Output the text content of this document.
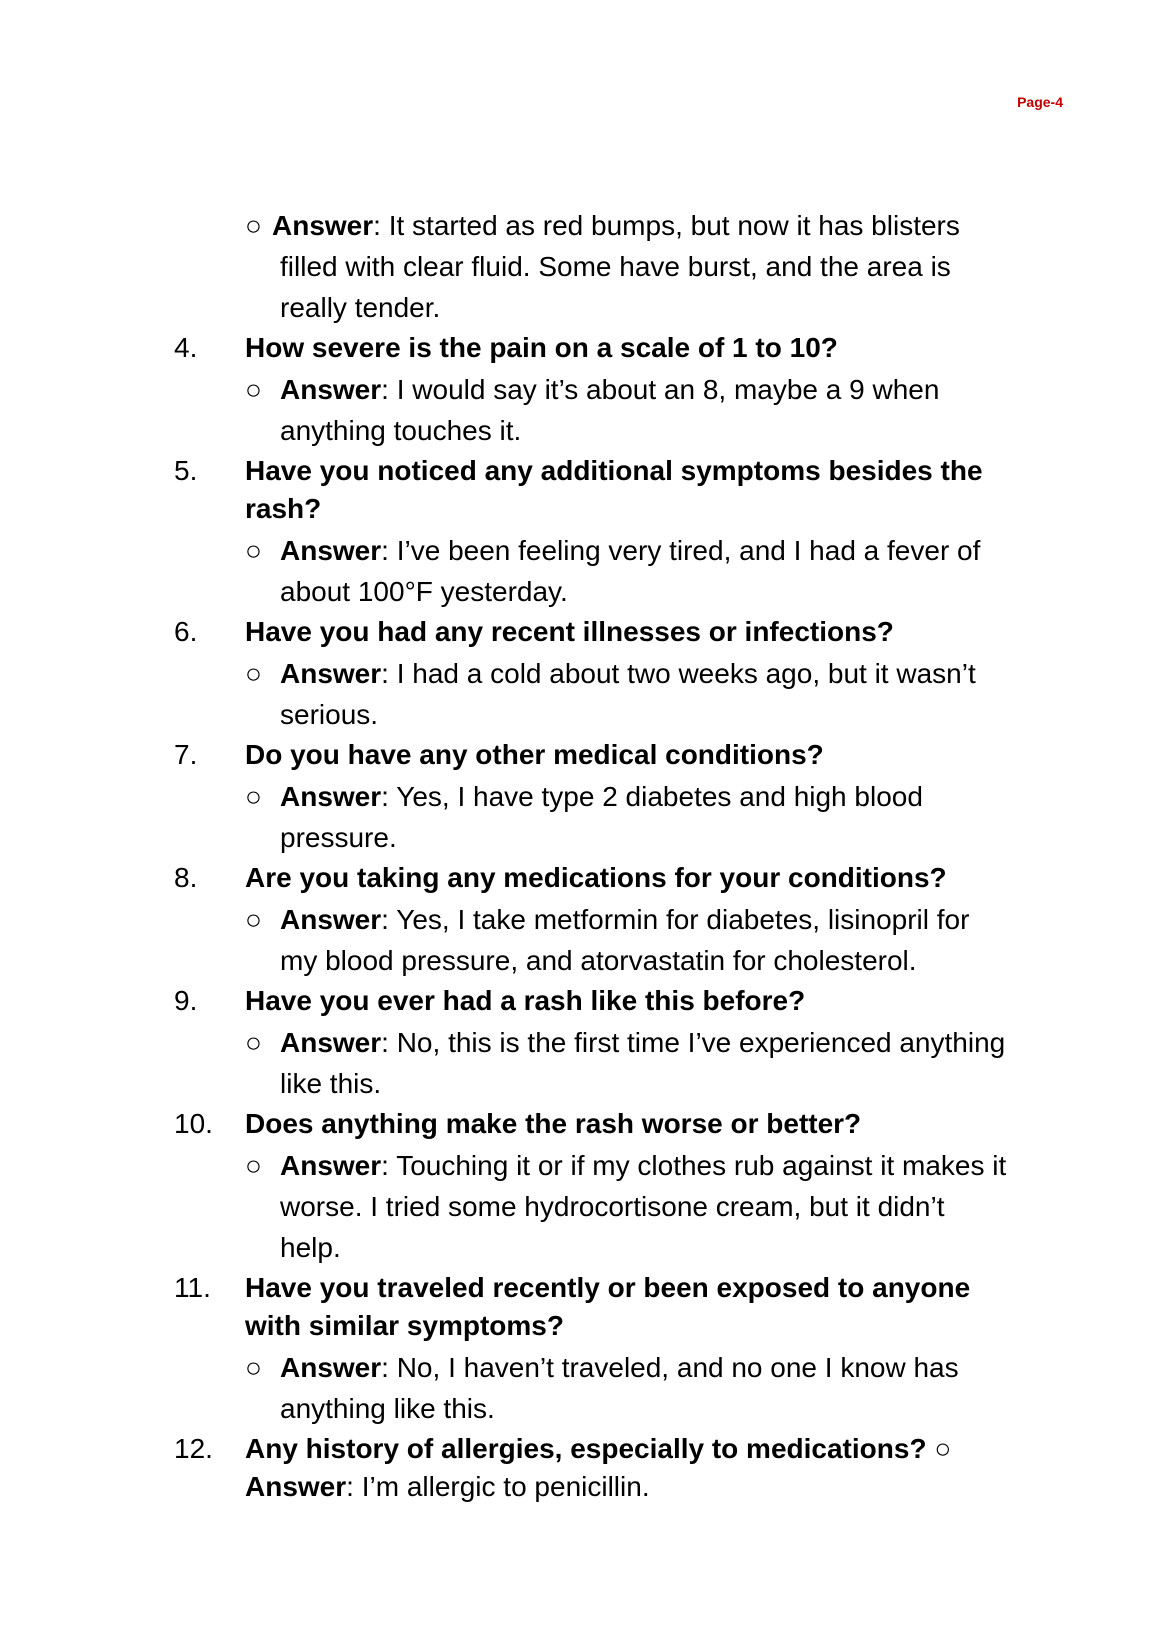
Page-4

○ Answer: It started as red bumps, but now it has blisters filled with clear fluid. Some have burst, and the area is really tender.

4. How severe is the pain on a scale of 1 to 10?

○ Answer: I would say it’s about an 8, maybe a 9 when anything touches it.

5. Have you noticed any additional symptoms besides the rash?

○ Answer: I’ve been feeling very tired, and I had a fever of about 100°F yesterday.

6. Have you had any recent illnesses or infections?

○ Answer: I had a cold about two weeks ago, but it wasn’t serious.

7. Do you have any other medical conditions?

○ Answer: Yes, I have type 2 diabetes and high blood pressure.

8. Are you taking any medications for your conditions?

○ Answer: Yes, I take metformin for diabetes, lisinopril for my blood pressure, and atorvastatin for cholesterol.

9. Have you ever had a rash like this before?

○ Answer: No, this is the first time I’ve experienced anything like this.

10. Does anything make the rash worse or better?

○ Answer: Touching it or if my clothes rub against it makes it worse. I tried some hydrocortisone cream, but it didn’t help.

11. Have you traveled recently or been exposed to anyone with similar symptoms?

○ Answer: No, I haven’t traveled, and no one I know has anything like this.

12. Any history of allergies, especially to medications? ○
Answer: I’m allergic to penicillin.
